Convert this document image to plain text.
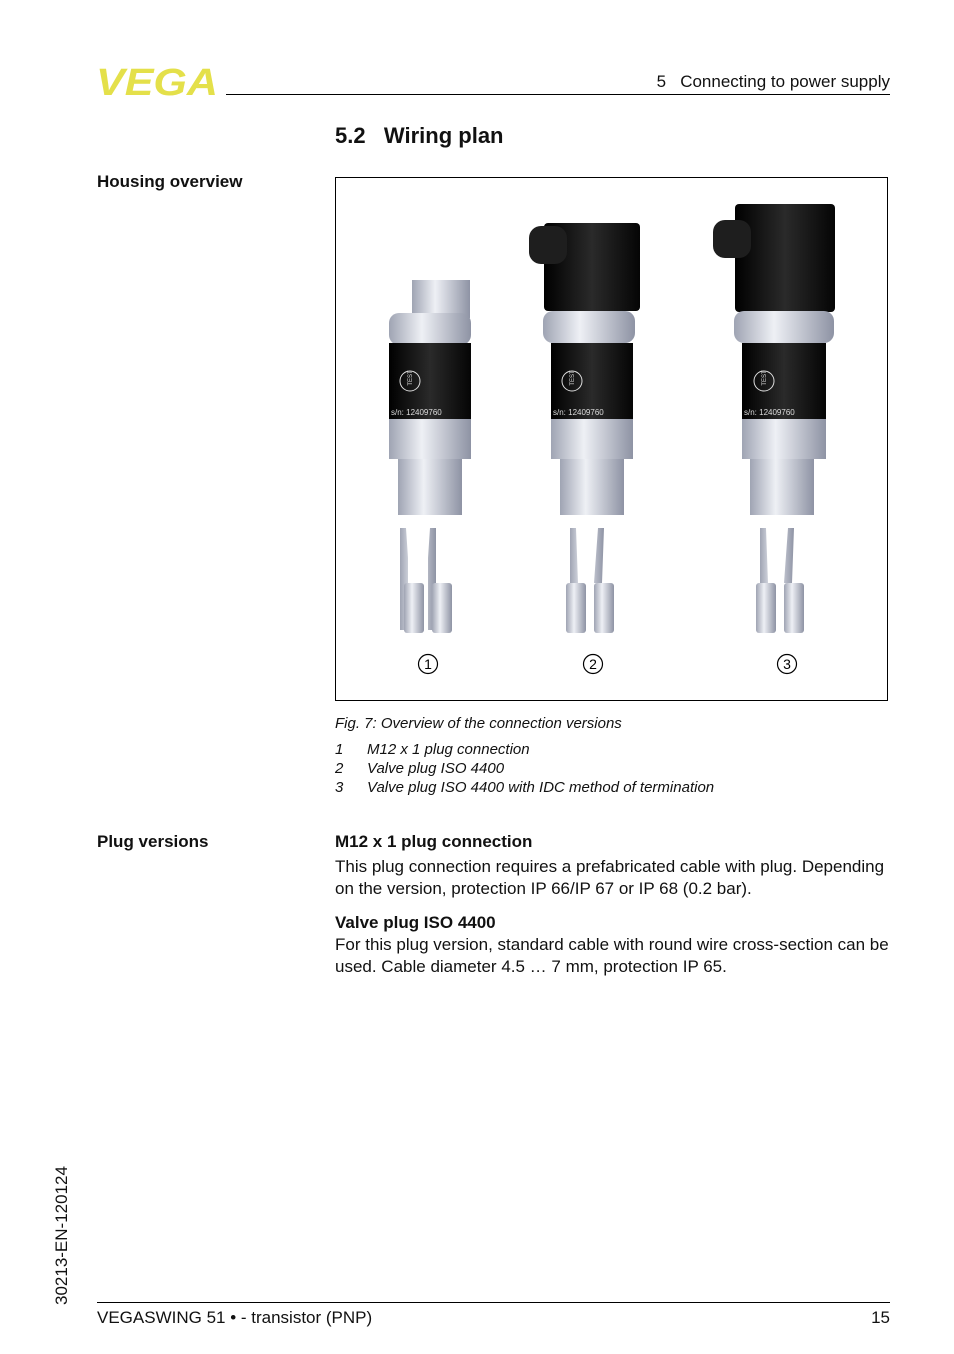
VEGA	5   Connecting to power supply
5.2   Wiring plan
Housing overview
TEST
s/n: 12409760
TEST
s/n: 12409760
TEST
s/n: 12409760
1	2	3
Fig. 7: Overview of the connection versions
1	M12 x 1 plug connection
2	Valve plug ISO 4400
3	Valve plug ISO 4400 with IDC method of termination
Plug versions	M12 x 1 plug connection
This plug connection requires a prefabricated cable with plug. Depending on the version, protection IP 66/IP 67 or IP 68 (0.2 bar).
Valve plug ISO 4400
For this plug version, standard cable with round wire cross-section can be used. Cable diameter 4.5 … 7 mm, protection IP 65.
30213-EN-120124
VEGASWING 51 • - transistor (PNP)	15
